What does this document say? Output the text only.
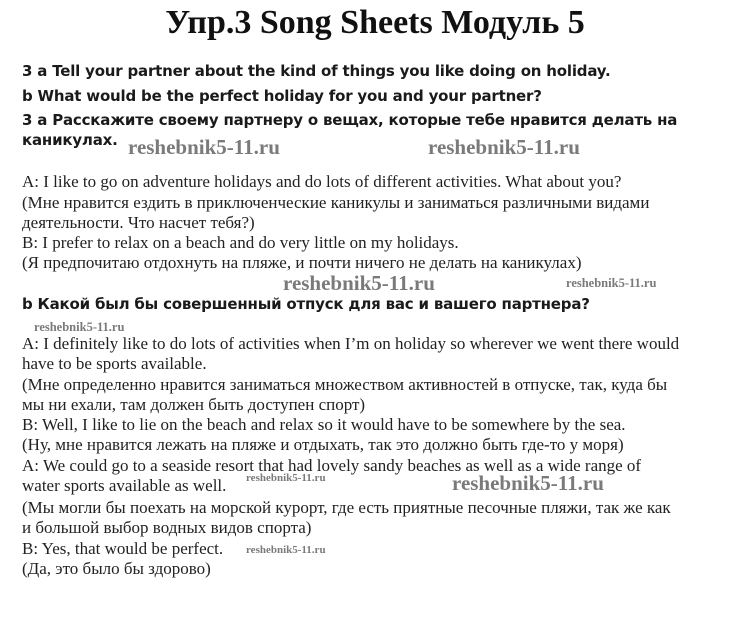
Упр.3 Song Sheets Модуль 5
3 a Tell your partner about the kind of things you like doing on holiday.
b What would be the perfect holiday for you and your partner?
3 а Расскажите своему партнеру о вещах, которые тебе нравится делать на
каникулах. reshebnik5-11.ru	reshebnik5-11.ru
A: I like to go on adventure holidays and do lots of different activities. What about you?
(Мне нравится ездить в приключенческие каникулы и заниматься различными видами
деятельности. Что насчет тебя?)
B: I prefer to relax on a beach and do very little on my holidays.
(Я предпочитаю отдохнуть на пляже, и почти ничего не делать на каникулах)
reshebnik5-11.ru	reshebnik5-11.ru
b Какой был бы совершенный отпуск для вас и вашего партнера?
reshebnik5-11.ru
A: I definitely like to do lots of activities when I’m on holiday so wherever we went there would
have to be sports available.
(Мне определенно нравится заниматься множеством активностей в отпуске, так, куда бы
мы ни ехали, там должен быть доступен спорт)
B: Well, I like to lie on the beach and relax so it would have to be somewhere by the sea.
(Ну, мне нравится лежать на пляже и отдыхать, так это должно быть где-то у моря)
A: We could go to a seaside resort that had lovely sandy beaches as well as a wide range of
water sports available as well. reshebnik5-11.ru	reshebnik5-11.ru
(Мы могли бы поехать на морской курорт, где есть приятные песочные пляжи, так же как
и большой выбор водных видов спорта)
B: Yes, that would be perfect. reshebnik5-11.ru
(Да, это было бы здорово)
